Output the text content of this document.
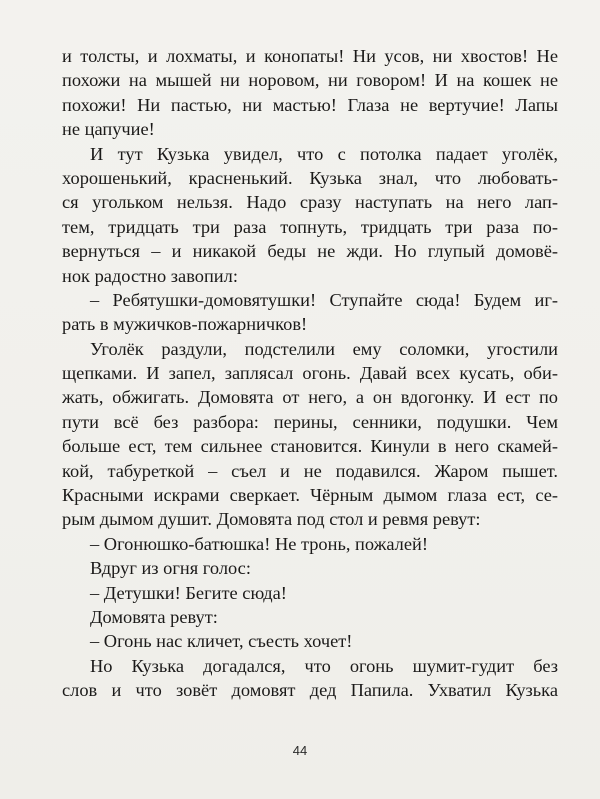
и толсты, и лохматы, и конопаты! Ни усов, ни хвостов! Не
похожи на мышей ни норовом, ни говором! И на кошек не
похожи! Ни пастью, ни мастью! Глаза не вертучие! Лапы
не цапучие!
И тут Кузька увидел, что с потолка падает уголёк,
хорошенький, красненький. Кузька знал, что любовать-
ся угольком нельзя. Надо сразу наступать на него лап-
тем, тридцать три раза топнуть, тридцать три раза по-
вернуться – и никакой беды не жди. Но глупый домовё-
нок радостно завопил:
– Ребятушки-домовятушки! Ступайте сюда! Будем иг-
рать в мужичков-пожарничков!
Уголёк раздули, подстелили ему соломки, угостили
щепками. И запел, заплясал огонь. Давай всех кусать, оби-
жать, обжигать. Домовята от него, а он вдогонку. И ест по
пути всё без разбора: перины, сенники, подушки. Чем
больше ест, тем сильнее становится. Кинули в него скамей-
кой, табуреткой – съел и не подавился. Жаром пышет.
Красными искрами сверкает. Чёрным дымом глаза ест, се-
рым дымом душит. Домовята под стол и ревмя ревут:
– Огонюшко-батюшка! Не тронь, пожалей!
Вдруг из огня голос:
– Детушки! Бегите сюда!
Домовята ревут:
– Огонь нас кличет, съесть хочет!
Но Кузька догадался, что огонь шумит-гудит без
слов и что зовёт домовят дед Папила. Ухватил Кузька
44
